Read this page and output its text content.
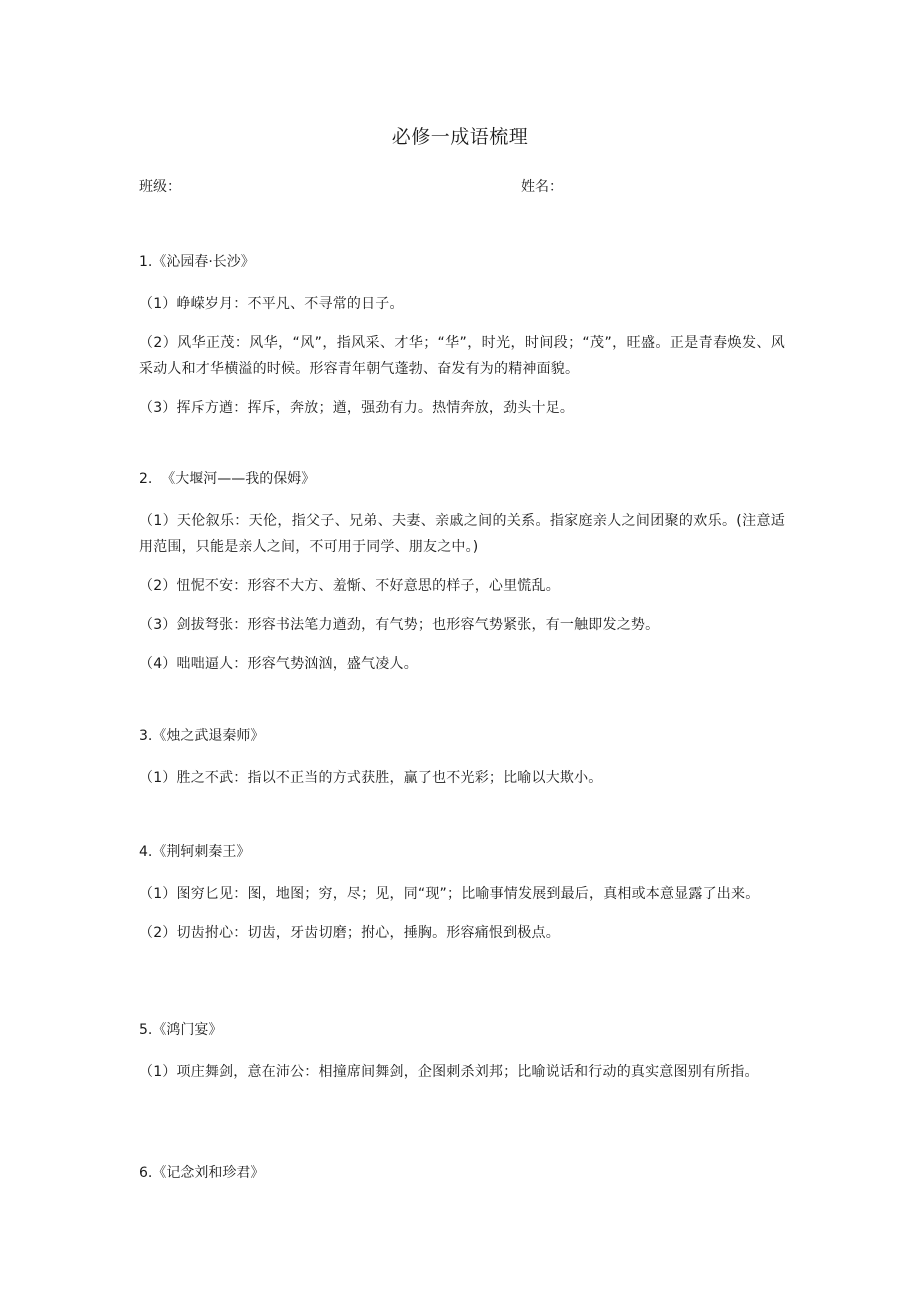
必修一成语梳理
班级：	姓名：

1.《沁园春·长沙》

（1）峥嵘岁月：不平凡、不寻常的日子。

（2）风华正茂：风华，“风”，指风采、才华；“华”，时光，时间段；“茂”，旺盛。正是青春焕发、风采动人和才华横溢的时候。形容青年朝气蓬勃、奋发有为的精神面貌。

（3）挥斥方遒：挥斥，奔放；遒，强劲有力。热情奔放，劲头十足。

2.  《大堰河——我的保姆》

（1）天伦叙乐：天伦，指父子、兄弟、夫妻、亲戚之间的关系。指家庭亲人之间团聚的欢乐。(注意适用范围，只能是亲人之间，不可用于同学、朋友之中。)

（2）忸怩不安：形容不大方、羞惭、不好意思的样子，心里慌乱。

（3）剑拔弩张：形容书法笔力遒劲，有气势；也形容气势紧张，有一触即发之势。

（4）咄咄逼人：形容气势汹汹，盛气凌人。

3.《烛之武退秦师》

（1）胜之不武：指以不正当的方式获胜，赢了也不光彩；比喻以大欺小。

4.《荆轲刺秦王》

（1）图穷匕见：图，地图；穷，尽；见，同“现”；比喻事情发展到最后，真相或本意显露了出来。

（2）切齿拊心：切齿，牙齿切磨；拊心，捶胸。形容痛恨到极点。

5.《鸿门宴》

（1）项庄舞剑，意在沛公：相撞席间舞剑，企图刺杀刘邦；比喻说话和行动的真实意图别有所指。

6.《记念刘和珍君》
